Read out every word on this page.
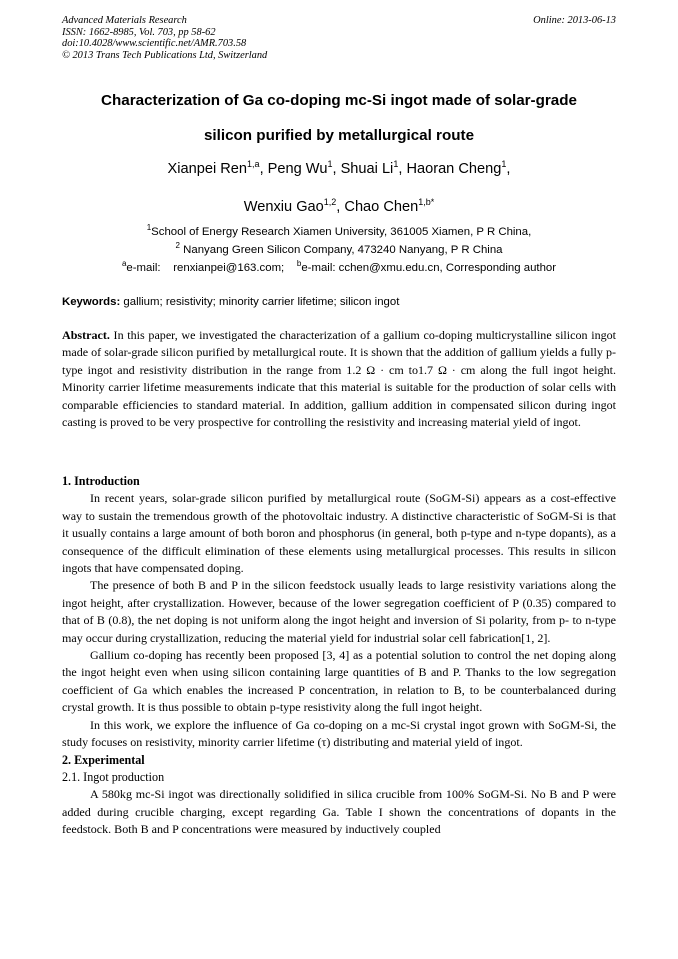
Advanced Materials Research
ISSN: 1662-8985, Vol. 703, pp 58-62
doi:10.4028/www.scientific.net/AMR.703.58
© 2013 Trans Tech Publications Ltd, Switzerland
Online: 2013-06-13
Characterization of Ga co-doping mc-Si ingot made of solar-grade
silicon purified by metallurgical route
Xianpei Ren$^{1,a}$, Peng Wu$^1$, Shuai Li$^1$, Haoran Cheng$^1$,
Wenxiu Gao$^{1,2}$, Chao Chen$^{1,b*}$
$^1$School of Energy Research Xiamen University, 361005 Xiamen, P R China,
$^2$ Nanyang Green Silicon Company, 473240 Nanyang, P R China
$^a$e-mail:    renxianpei@163.com; $^b$e-mail: cchen@xmu.edu.cn, Corresponding author
Keywords: gallium; resistivity; minority carrier lifetime; silicon ingot

Abstract. In this paper, we investigated the characterization of a gallium co-doping multicrystalline silicon ingot made of solar-grade silicon purified by metallurgical route. It is shown that the addition of gallium yields a fully p-type ingot and resistivity distribution in the range from 1.2 Ω · cm to1.7 Ω · cm along the full ingot height. Minority carrier lifetime measurements indicate that this material is suitable for the production of solar cells with comparable efficiencies to standard material. In addition, gallium addition in compensated silicon during ingot casting is proved to be very prospective for controlling the resistivity and increasing material yield of ingot.

1. Introduction

In recent years, solar-grade silicon purified by metallurgical route (SoGM-Si) appears as a cost-effective way to sustain the tremendous growth of the photovoltaic industry. A distinctive characteristic of SoGM-Si is that it usually contains a large amount of both boron and phosphorus (in general, both p-type and n-type dopants), as a consequence of the difficult elimination of these elements using metallurgical processes. This results in silicon ingots that have compensated doping.

The presence of both B and P in the silicon feedstock usually leads to large resistivity variations along the ingot height, after crystallization. However, because of the lower segregation coefficient of P (0.35) compared to that of B (0.8), the net doping is not uniform along the ingot height and inversion of Si polarity, from p- to n-type may occur during crystallization, reducing the material yield for industrial solar cell fabrication[1, 2].

Gallium co-doping has recently been proposed [3, 4] as a potential solution to control the net doping along the ingot height even when using silicon containing large quantities of B and P. Thanks to the low segregation coefficient of Ga which enables the increased P concentration, in relation to B, to be counterbalanced during crystal growth. It is thus possible to obtain p-type resistivity along the full ingot height.

In this work, we explore the influence of Ga co-doping on a mc-Si crystal ingot grown with SoGM-Si, the study focuses on resistivity, minority carrier lifetime (τ) distributing and material yield of ingot.

2. Experimental
2.1. Ingot production

A 580kg mc-Si ingot was directionally solidified in silica crucible from 100% SoGM-Si. No B and P were added during crucible charging, except regarding Ga. Table I shown the concentrations of dopants in the feedstock. Both B and P concentrations were measured by inductively coupled
